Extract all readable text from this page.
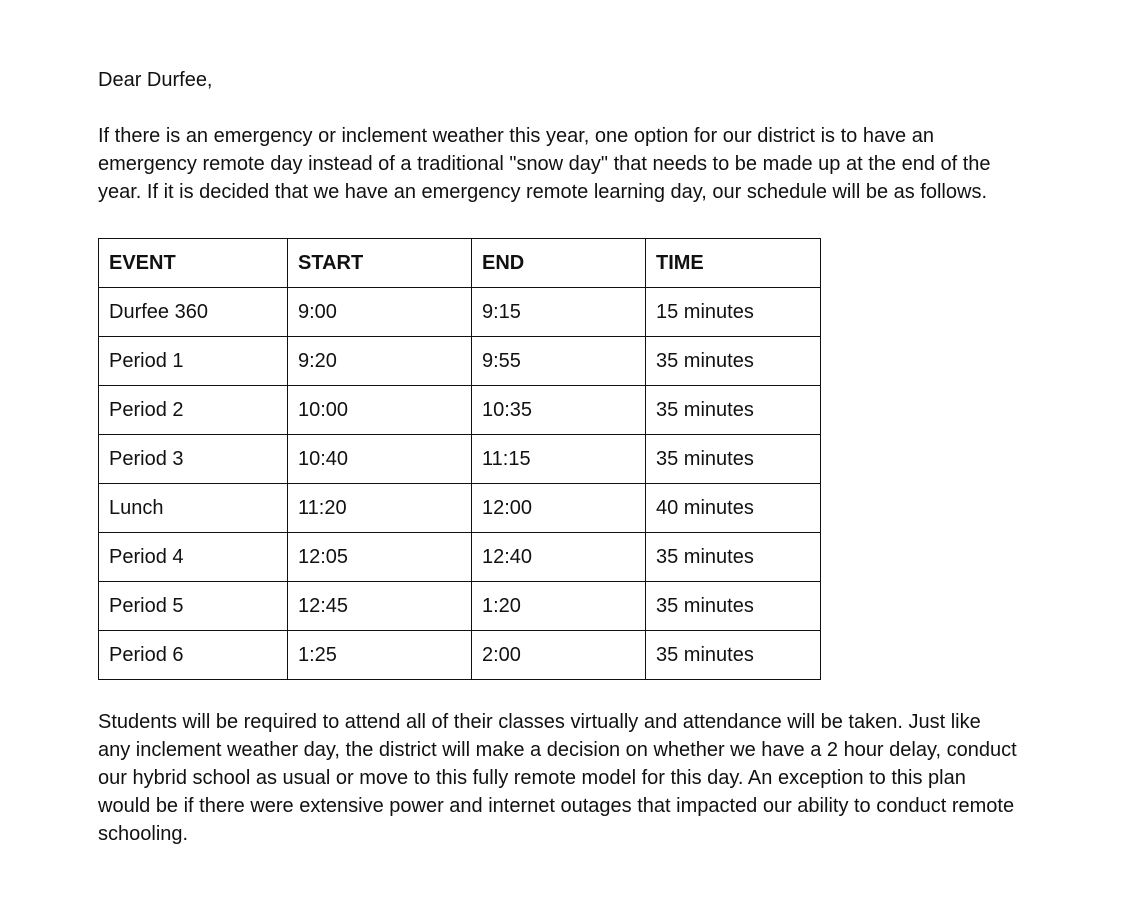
Dear Durfee,

If there is an emergency or inclement weather this year, one option for our district is to have an emergency remote day instead of a traditional "snow day" that needs to be made up at the end of the year. If it is decided that we have an emergency remote learning day, our schedule will be as follows.

EVENT	START	END	TIME
Durfee 360	9:00	9:15	15 minutes
Period 1	9:20	9:55	35 minutes
Period 2	10:00	10:35	35 minutes
Period 3	10:40	11:15	35 minutes
Lunch	11:20	12:00	40 minutes
Period 4	12:05	12:40	35 minutes
Period 5	12:45	1:20	35 minutes
Period 6	1:25	2:00	35 minutes

Students will be required to attend all of their classes virtually and attendance will be taken. Just like any inclement weather day, the district will make a decision on whether we have a 2 hour delay, conduct our hybrid school as usual or move to this fully remote model for this day. An exception to this plan would be if there were extensive power and internet outages that impacted our ability to conduct remote schooling.
